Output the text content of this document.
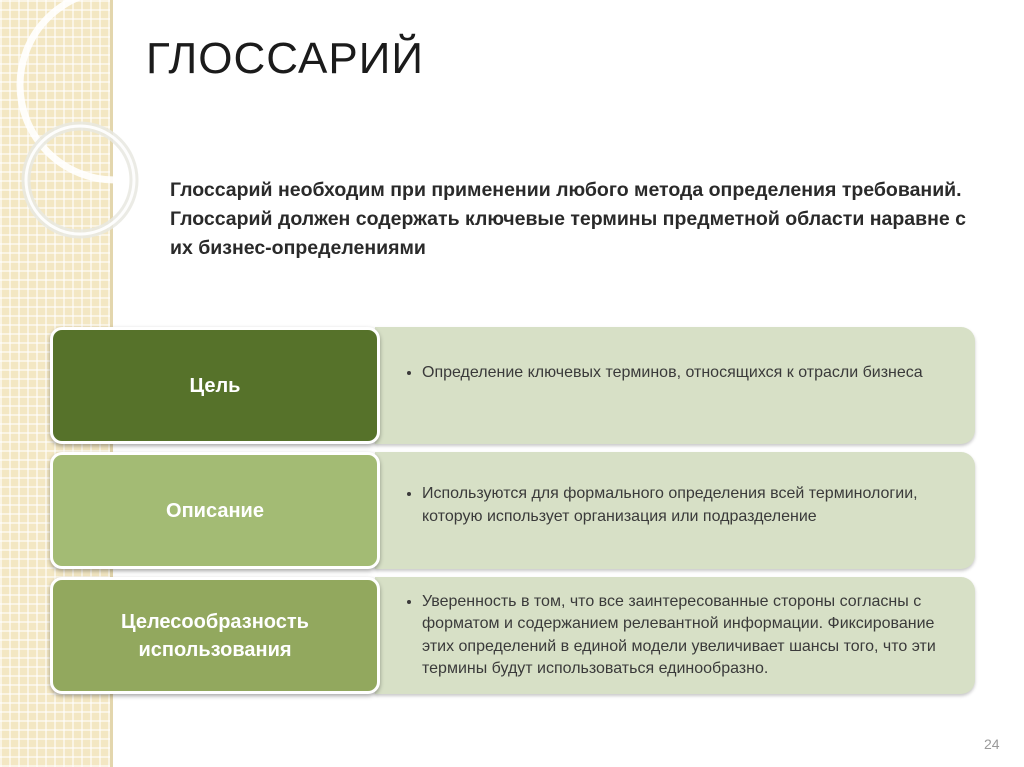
ГЛОССАРИЙ

Глоссарий необходим при применении любого метода определения требований. Глоссарий должен содержать ключевые термины предметной области наравне с их бизнес-определениями

Цель
• Определение ключевых терминов, относящихся к отрасли бизнеса
Описание
• Используются для формального определения всей терминологии, которую использует организация или подразделение
Целесообразность использования
• Уверенность в том, что все заинтересованные стороны согласны с форматом и содержанием релевантной информации. Фиксирование этих определений в единой модели увеличивает шансы того, что эти термины будут использоваться единообразно.
24
